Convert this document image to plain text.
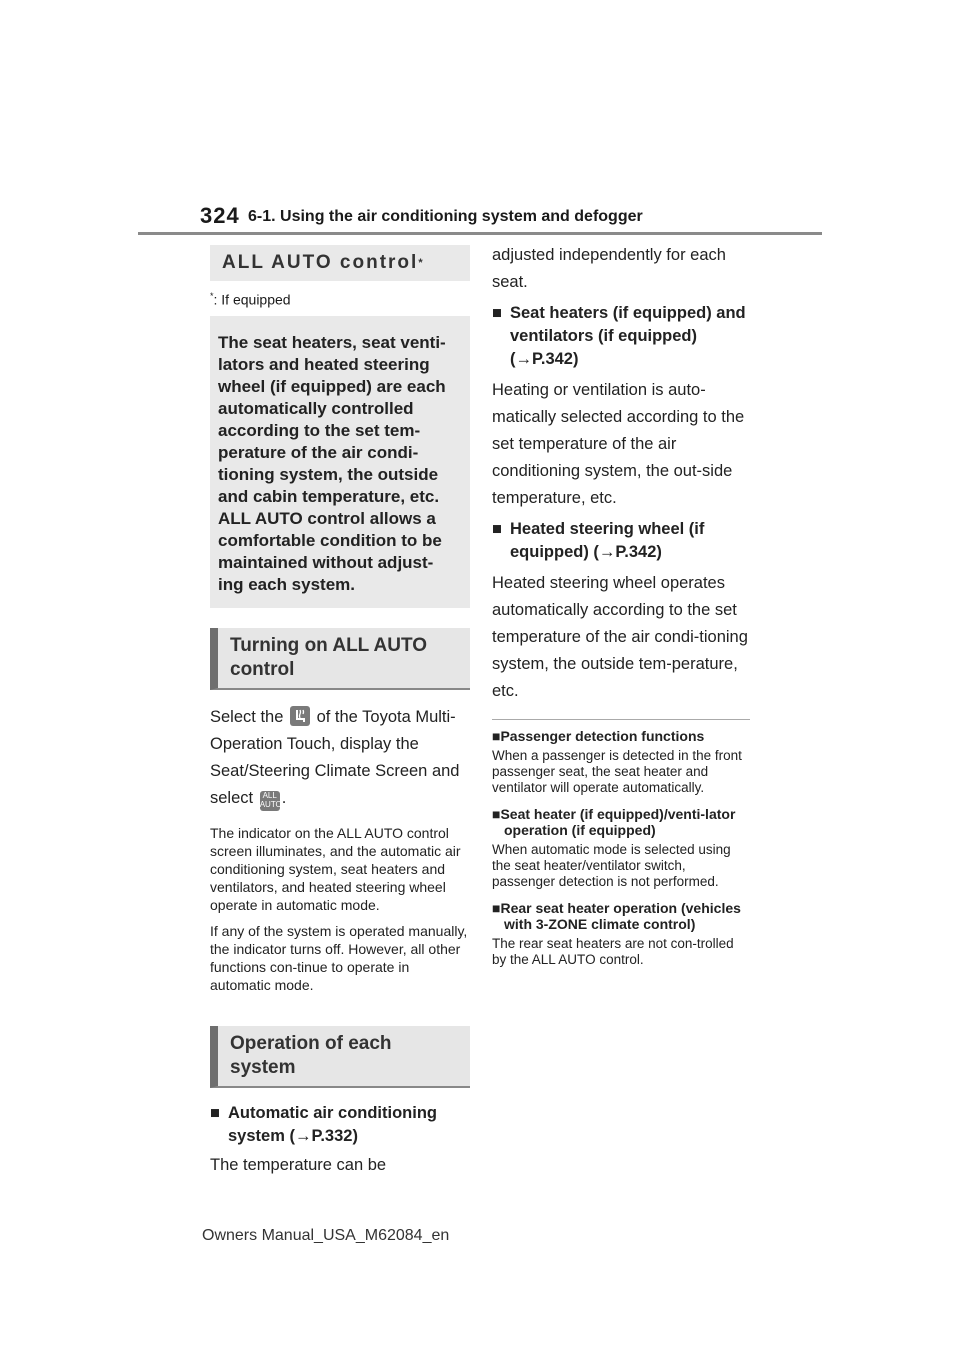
324 6-1. Using the air conditioning system and defogger
ALL AUTO control*
*: If equipped
The seat heaters, seat venti-lators and heated steering wheel (if equipped) are each automatically controlled according to the set tem-perature of the air condi-tioning system, the outside and cabin temperature, etc. ALL AUTO control allows a comfortable condition to be maintained without adjust-ing each system.
Turning on ALL AUTO control
Select the of the Toyota Multi-Operation Touch, display the Seat/Steering Climate Screen and select ALL AUTO.
The indicator on the ALL AUTO control screen illuminates, and the automatic air conditioning system, seat heaters and ventilators, and heated steering wheel operate in automatic mode.
If any of the system is operated manually, the indicator turns off. However, all other functions con-tinue to operate in automatic mode.
Operation of each system
■ Automatic air conditioning system (→P.332)
The temperature can be
adjusted independently for each seat.
■ Seat heaters (if equipped) and ventilators (if equipped) (→P.342)
Heating or ventilation is auto-matically selected according to the set temperature of the air conditioning system, the out-side temperature, etc.
■ Heated steering wheel (if equipped) (→P.342)
Heated steering wheel operates automatically according to the set temperature of the air condi-tioning system, the outside tem-perature, etc.
■Passenger detection functions
When a passenger is detected in the front passenger seat, the seat heater and ventilator will operate automatically.
■Seat heater (if equipped)/venti-lator operation (if equipped)
When automatic mode is selected using the seat heater/ventilator switch, passenger detection is not performed.
■Rear seat heater operation (vehicles with 3-ZONE climate control)
The rear seat heaters are not con-trolled by the ALL AUTO control.
Owners Manual_USA_M62084_en
